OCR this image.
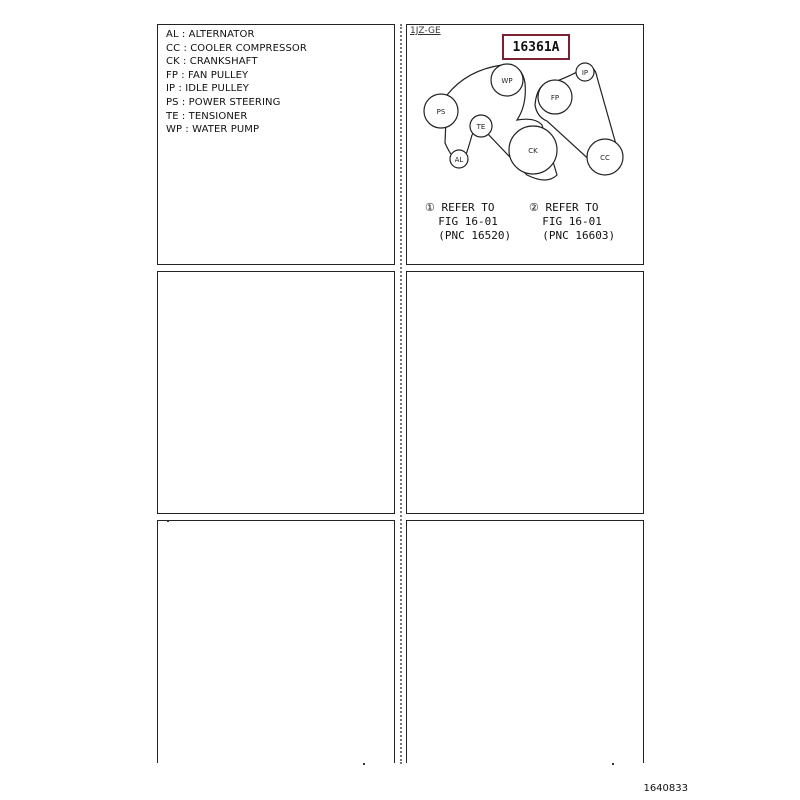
AL : ALTERNATOR
CC : COOLER COMPRESSOR
CK : CRANKSHAFT
FP : FAN PULLEY
IP : IDLE PULLEY
PS : POWER STEERING
TE : TENSIONER
WP : WATER PUMP
1JZ-GE
16361A
WP
PS
TE
AL
CK
FP
IP
CC
① REFER TO
FIG 16-01
(PNC 16520)
② REFER TO
FIG 16-01
(PNC 16603)
1640833
